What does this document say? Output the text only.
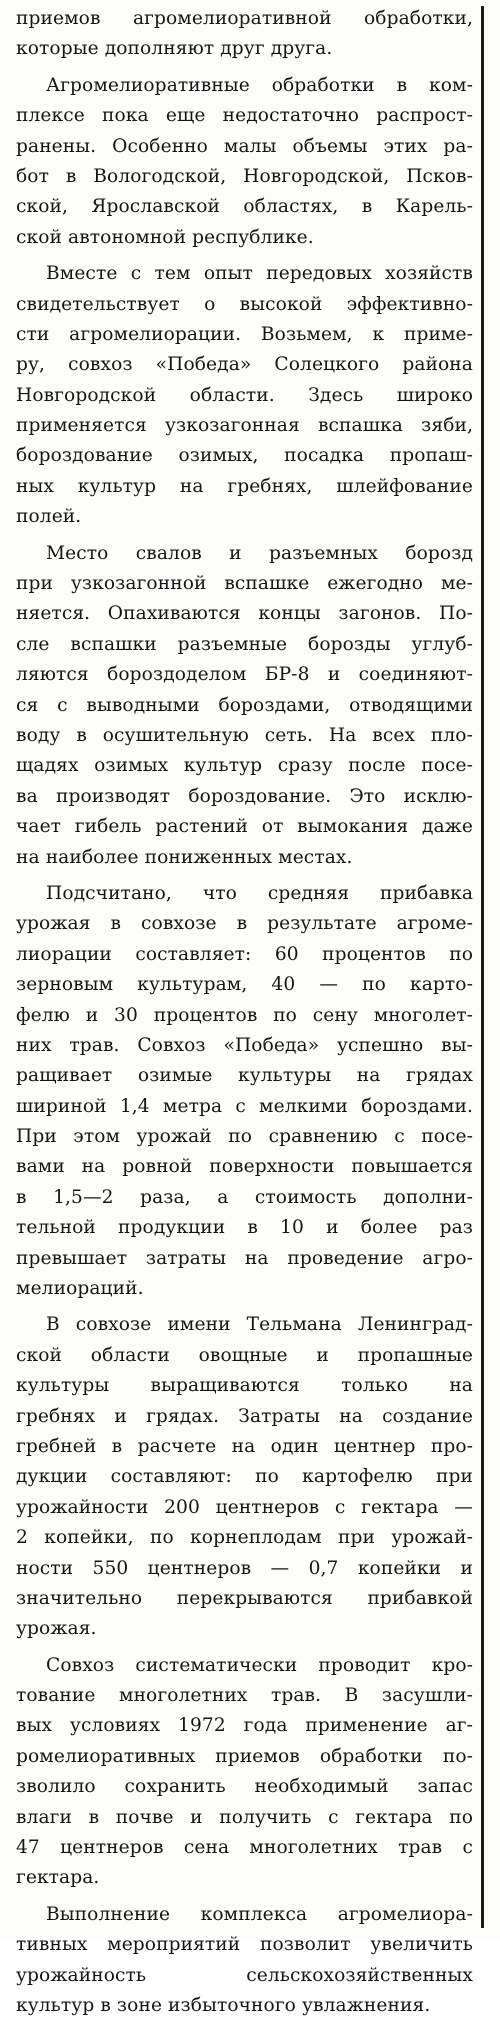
приемов агромелиоративной обработки,
которые дополняют друг друга.
Агромелиоративные обработки в ком-
плексе пока еще недостаточно распрост-
ранены. Особенно малы объемы этих ра-
бот в Вологодской, Новгородской, Псков-
ской, Ярославской областях, в Карель-
ской автономной республике.
Вместе с тем опыт передовых хозяйств
свидетельствует о высокой эффективно-
сти агромелиорации. Возьмем, к приме-
ру, совхоз «Победа» Солецкого района
Новгородской области. Здесь широко
применяется узкозагонная вспашка зяби,
бороздование озимых, посадка пропаш-
ных культур на гребнях, шлейфование
полей.
Место свалов и разъемных борозд
при узкозагонной вспашке ежегодно ме-
няется. Опахиваются концы загонов. По-
сле вспашки разъемные борозды углуб-
ляются бороздоделом БР-8 и соединяют-
ся с выводными бороздами, отводящими
воду в осушительную сеть. На всех пло-
щадях озимых культур сразу после посе-
ва производят бороздование. Это исклю-
чает гибель растений от вымокания даже
на наиболее пониженных местах.
Подсчитано, что средняя прибавка
урожая в совхозе в результате агроме-
лиорации составляет: 60 процентов по
зерновым культурам, 40 — по карто-
фелю и 30 процентов по сену многолет-
них трав. Совхоз «Победа» успешно вы-
ращивает озимые культуры на грядах
шириной 1,4 метра с мелкими бороздами.
При этом урожай по сравнению с посе-
вами на ровной поверхности повышается
в 1,5—2 раза, а стоимость дополни-
тельной продукции в 10 и более раз
превышает затраты на проведение агро-
мелиораций.
В совхозе имени Тельмана Ленинград-
ской области овощные и пропашные
культуры выращиваются только на
гребнях и грядах. Затраты на создание
гребней в расчете на один центнер про-
дукции составляют: по картофелю при
урожайности 200 центнеров с гектара —
2 копейки, по корнеплодам при урожай-
ности 550 центнеров — 0,7 копейки и
значительно перекрываются прибавкой
урожая.
Совхоз систематически проводит кро-
тование многолетних трав. В засушли-
вых условиях 1972 года применение аг-
ромелиоративных приемов обработки по-
зволило сохранить необходимый запас
влаги в почве и получить с гектара по
47 центнеров сена многолетних трав с
гектара.
Выполнение комплекса агромелиора-
тивных мероприятий позволит увеличить
урожайность сельскохозяйственных
культур в зоне избыточного увлажнения.
